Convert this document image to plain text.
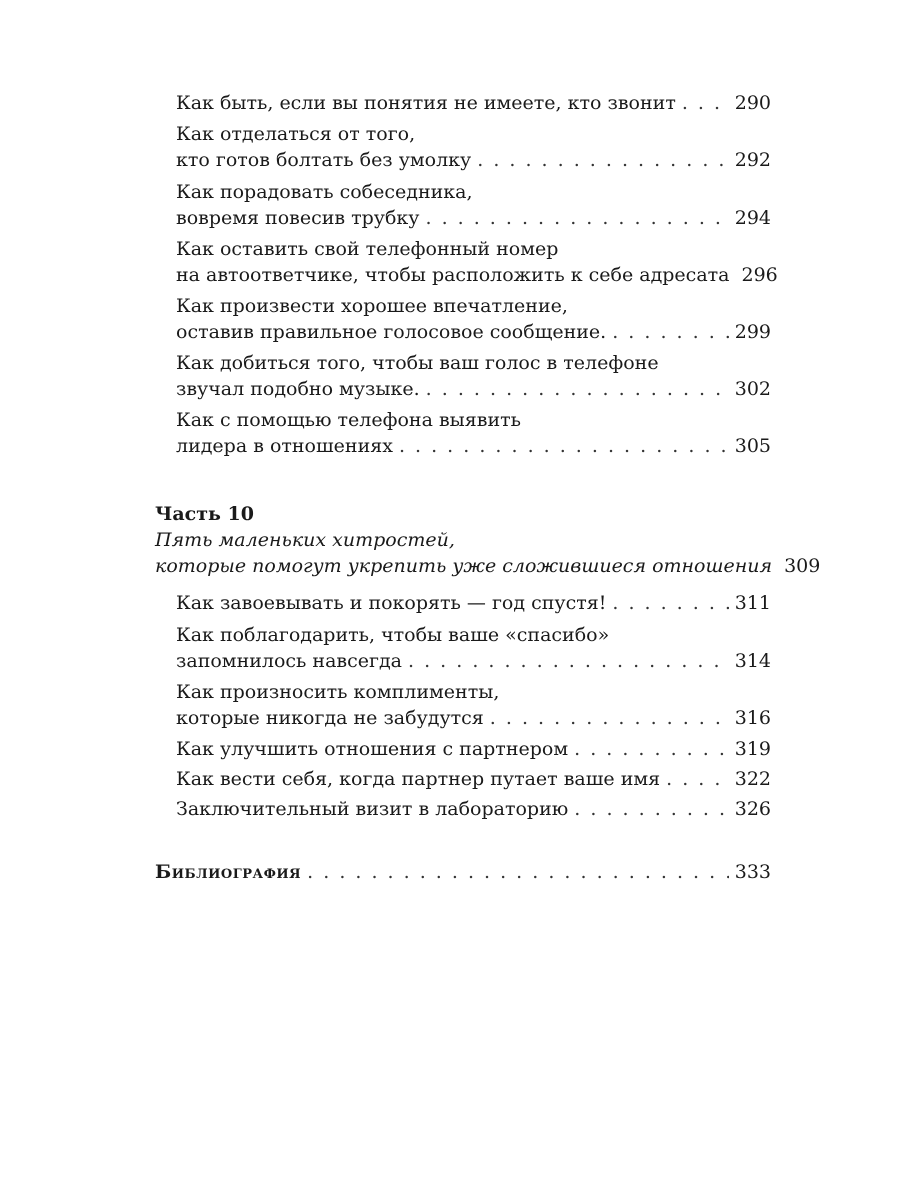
Как быть, если вы понятия не имеете, кто звонит . . .	290
Как отделаться от того,
кто готов болтать без умолку . . .	292
Как порадовать собеседника,
вовремя повесив трубку . . .	294
Как оставить свой телефонный номер
на автоответчике, чтобы расположить к себе адресата 296
Как произвести хорошее впечатление,
оставив правильное голосовое сообщение. . . .	299
Как добиться того, чтобы ваш голос в телефоне
звучал подобно музыке. . . .	302
Как с помощью телефона выявить
лидера в отношениях . . .	305
Часть 10
Пять маленьких хитростей,
которые помогут укрепить уже сложившиеся отношения 309
Как завоевывать и покорять — год спустя! . . .	311
Как поблагодарить, чтобы ваше «спасибо»
запомнилось навсегда . . .	314
Как произносить комплименты,
которые никогда не забудутся . . .	316
Как улучшить отношения с партнером . . .	319
Как вести себя, когда партнер путает ваше имя . . .	322
Заключительный визит в лабораторию . . .	326
Библиография . . .	333
